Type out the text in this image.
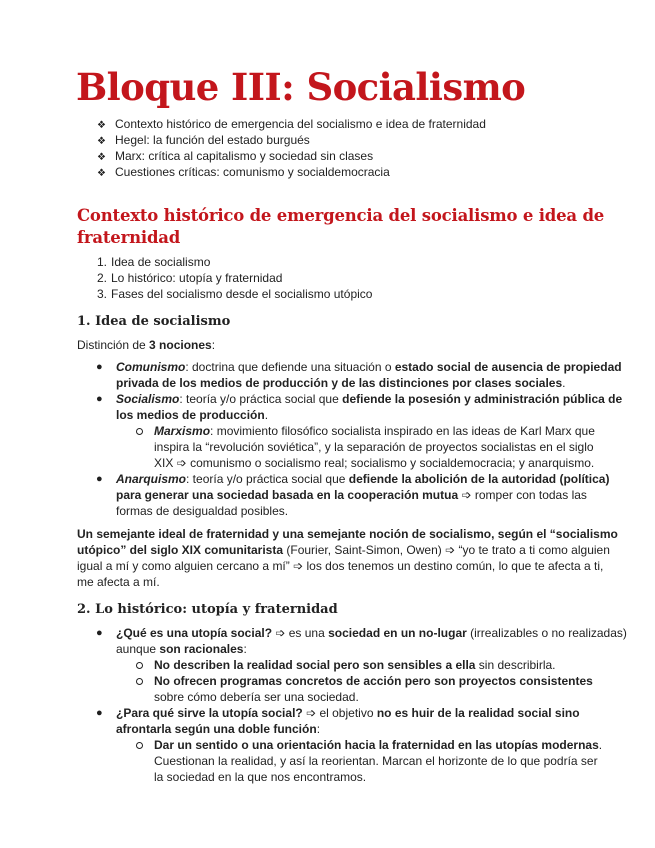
Bloque III: Socialismo
❖ Contexto histórico de emergencia del socialismo e idea de fraternidad
❖ Hegel: la función del estado burgués
❖ Marx: crítica al capitalismo y sociedad sin clases
❖ Cuestiones críticas: comunismo y socialdemocracia
Contexto histórico de emergencia del socialismo e idea de
fraternidad
1. Idea de socialismo
2. Lo histórico: utopía y fraternidad
3. Fases del socialismo desde el socialismo utópico
1. Idea de socialismo
Distinción de 3 nociones:
● Comunismo: doctrina que defiende una situación o estado social de ausencia de propiedad
privada de los medios de producción y de las distinciones por clases sociales.
● Socialismo: teoría y/o práctica social que defiende la posesión y administración pública de
los medios de producción.
Marxismo: movimiento filosófico socialista inspirado en las ideas de Karl Marx que
inspira la “revolución soviética”, y la separación de proyectos socialistas en el siglo
XIX ➩ comunismo o socialismo real; socialismo y socialdemocracia; y anarquismo.
● Anarquismo: teoría y/o práctica social que defiende la abolición de la autoridad (política)
para generar una sociedad basada en la cooperación mutua ➩ romper con todas las
formas de desigualdad posibles.
Un semejante ideal de fraternidad y una semejante noción de socialismo, según el “socialismo
utópico” del siglo XIX comunitarista (Fourier, Saint-Simon, Owen) ➩ “yo te trato a ti como alguien
igual a mí y como alguien cercano a mí” ➩ los dos tenemos un destino común, lo que te afecta a ti,
me afecta a mí.
2. Lo histórico: utopía y fraternidad
● ¿Qué es una utopía social? ➩ es una sociedad en un no-lugar (irrealizables o no realizadas)
aunque son racionales:
No describen la realidad social pero son sensibles a ella sin describirla.
No ofrecen programas concretos de acción pero son proyectos consistentes
sobre cómo debería ser una sociedad.
● ¿Para qué sirve la utopía social? ➩ el objetivo no es huir de la realidad social sino
afrontarla según una doble función:
Dar un sentido o una orientación hacia la fraternidad en las utopías modernas.
Cuestionan la realidad, y así la reorientan. Marcan el horizonte de lo que podría ser
la sociedad en la que nos encontramos.
